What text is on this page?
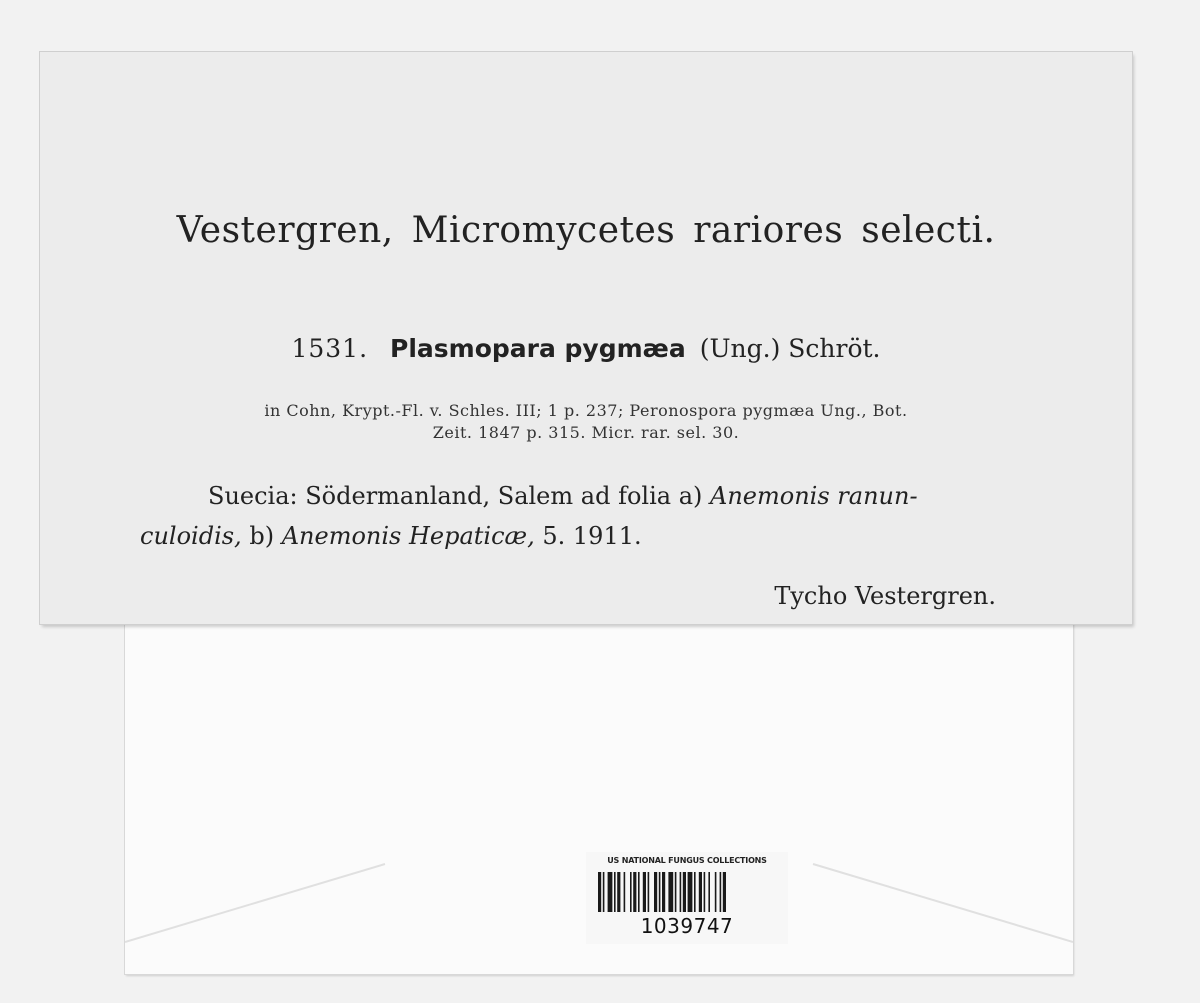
US NATIONAL FUNGUS COLLECTIONS
1039747
Vestergren, Micromycetes rariores selecti.
1531. Plasmopara pygmæa (Ung.) Schröt.
in Cohn, Krypt.-Fl. v. Schles. III; 1 p. 237; Peronospora pygmæa Ung., Bot.
Zeit. 1847 p. 315. Micr. rar. sel. 30.
Suecia: Södermanland, Salem ad folia a) Anemonis ranun-
culoidis, b) Anemonis Hepaticæ, 5. 1911.
Tycho Vestergren.
